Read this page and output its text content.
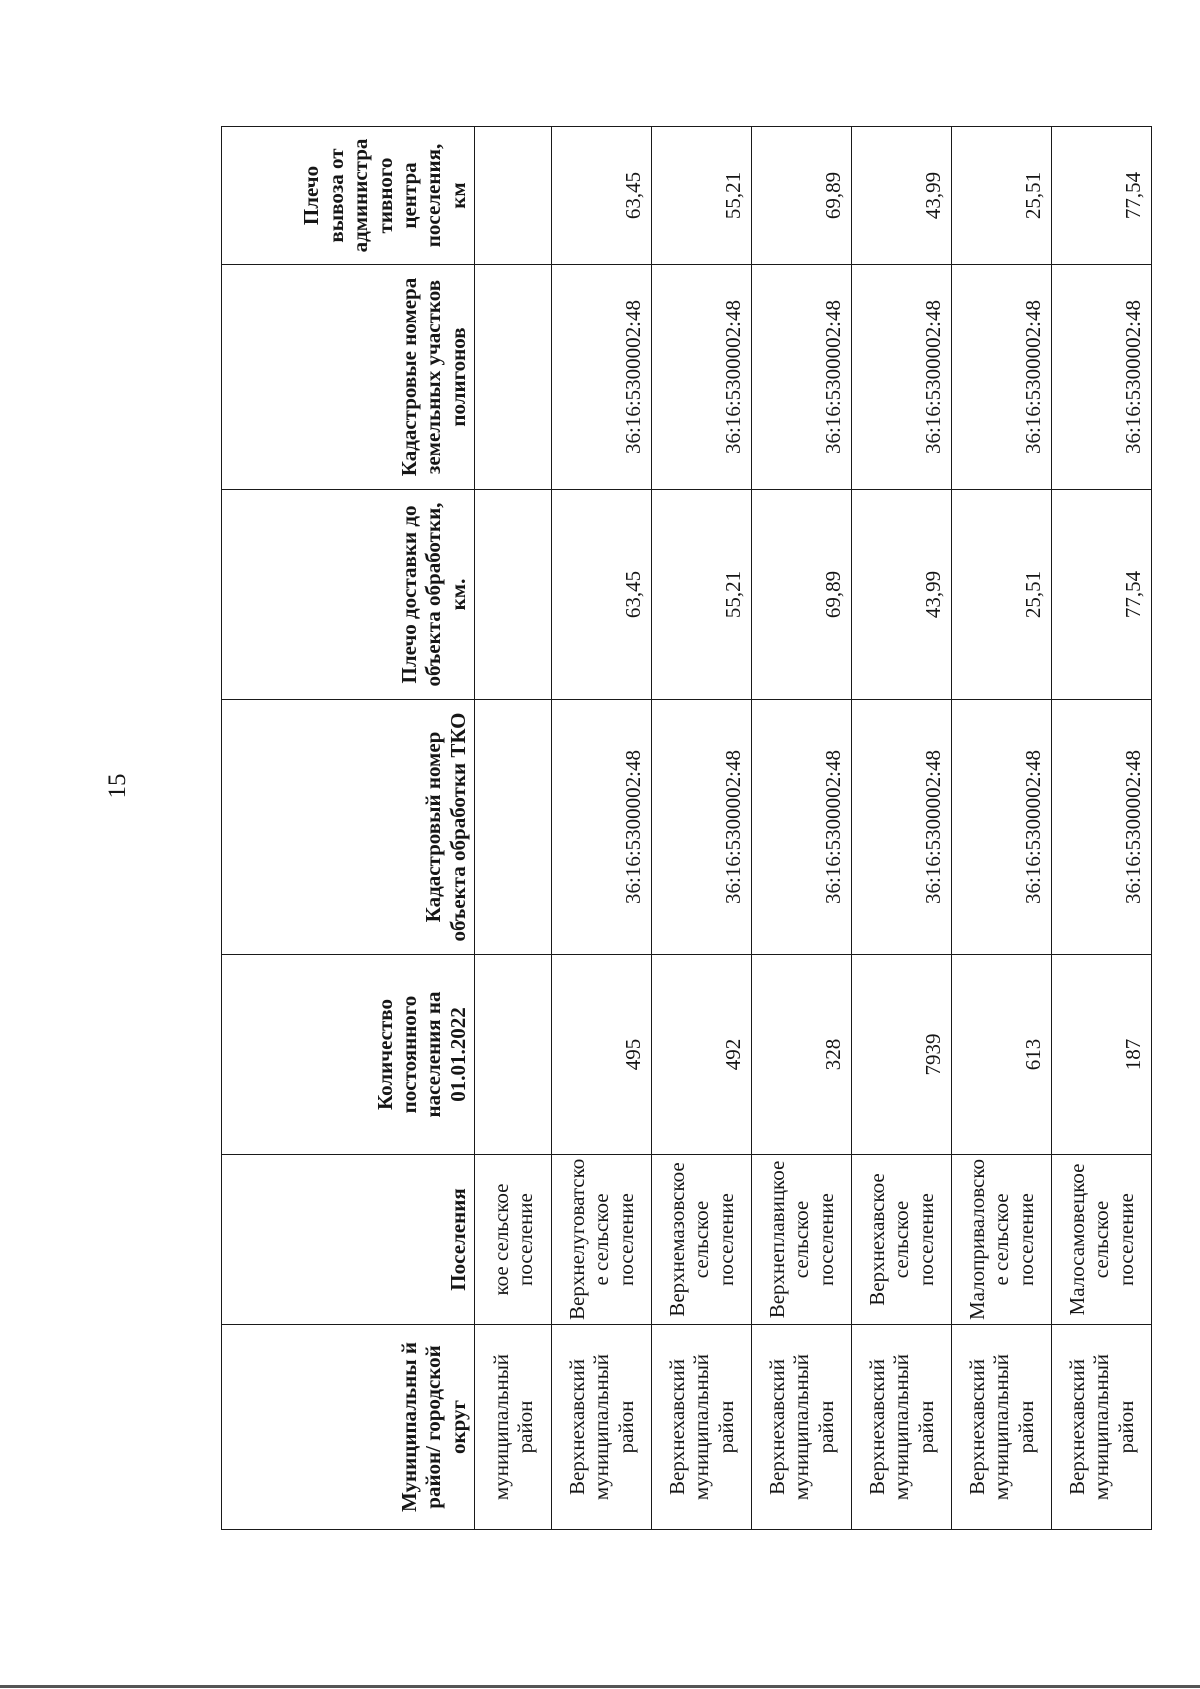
15
Муниципальны й район/ городской округ	Поселения	Количество постоянного населения на 01.01.2022	Кадастровый номер объекта обработки ТКО	Плечо доставки до объекта обработки, км.	Кадастровые номера земельных участков полигонов	Плечо вывоза от администра тивного центра поселения, км
муниципальный район	кое сельское поселение					
Верхнехавский муниципальный район	Верхнелуговатско е сельское поселение	495	36:16:5300002:48	63,45	36:16:5300002:48	63,45
Верхнехавский муниципальный район	Верхнемазовское сельское поселение	492	36:16:5300002:48	55,21	36:16:5300002:48	55,21
Верхнехавский муниципальный район	Верхнеплавицкое сельское поселение	328	36:16:5300002:48	69,89	36:16:5300002:48	69,89
Верхнехавский муниципальный район	Верхнехавское сельское поселение	7939	36:16:5300002:48	43,99	36:16:5300002:48	43,99
Верхнехавский муниципальный район	Малоприваловско е сельское поселение	613	36:16:5300002:48	25,51	36:16:5300002:48	25,51
Верхнехавский муниципальный район	Малосамовецкое сельское поселение	187	36:16:5300002:48	77,54	36:16:5300002:48	77,54
